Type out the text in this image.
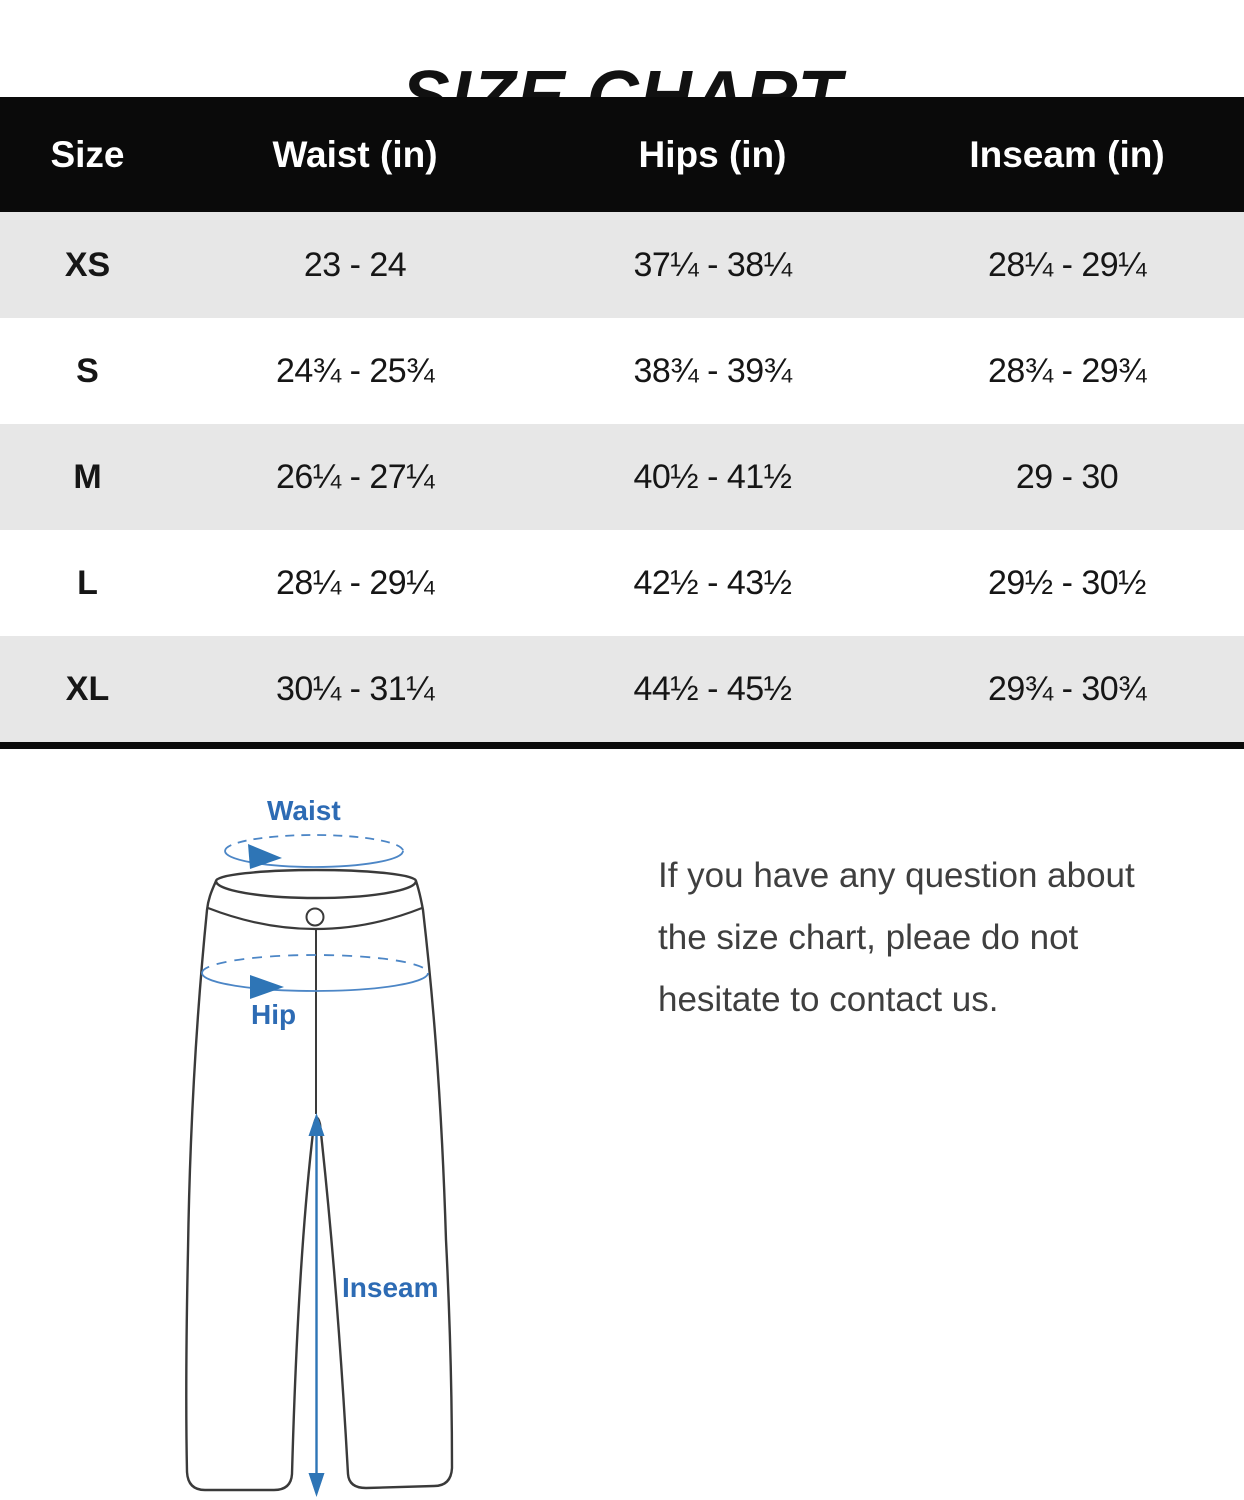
Size	Waist (in)	Hips (in)	Inseam (in)
XS	23 - 24	37¼ - 38¼	28¼ - 29¼
S	24¾ - 25¾	38¾ - 39¾	28¾ - 29¾
M	26¼ - 27¼	40½ - 41½	29 - 30
L	28¼ - 29¼	42½ - 43½	29½ - 30½
XL	30¼ - 31¼	44½ - 45½	29¾ - 30¾
Waist
Hip
Inseam
If you have any question about
the size chart, pleae do not
hesitate to contact us.
